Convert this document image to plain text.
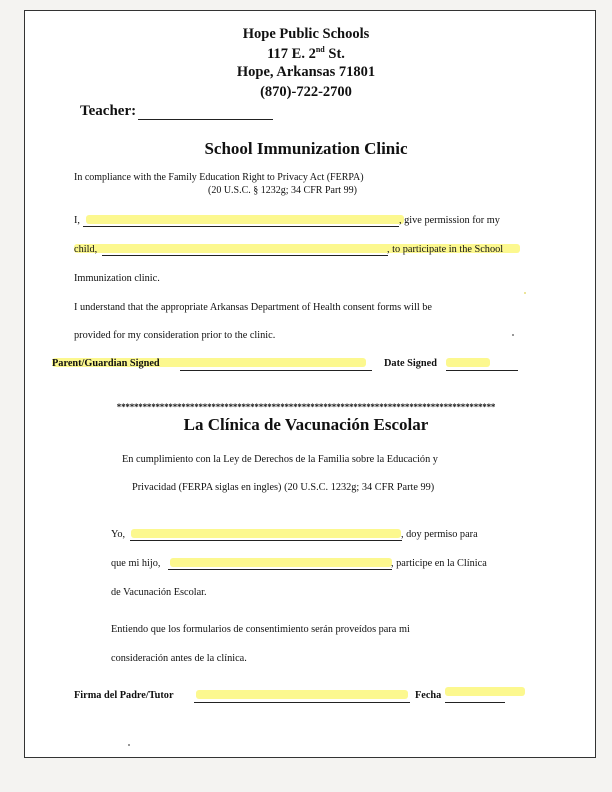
Hope Public Schools
117 E. 2nd St.
Hope, Arkansas 71801
(870)-722-2700
Teacher:
School Immunization Clinic
In compliance with the Family Education Right to Privacy Act (FERPA)
(20 U.S.C. § 1232g; 34 CFR Part 99)
I,	, give permission for my
child,	, to participate in the School
Immunization clinic.
I understand that the appropriate Arkansas Department of Health consent forms will be
provided for my consideration prior to the clinic.
Parent/Guardian Signed	Date Signed
****************************************************************************************
La Clínica de Vacunación Escolar
En cumplimiento con la Ley de Derechos de la Familia sobre la Educación y
Privacidad (FERPA siglas en ingles) (20 U.S.C. 1232g; 34 CFR Parte 99)
Yo,	, doy permiso para
que mi hijo,	, participe en la Clínica
de Vacunación Escolar.
Entiendo que los formularios de consentimiento serán proveídos para mi
consideración antes de la clínica.
Firma del Padre/Tutor	Fecha
